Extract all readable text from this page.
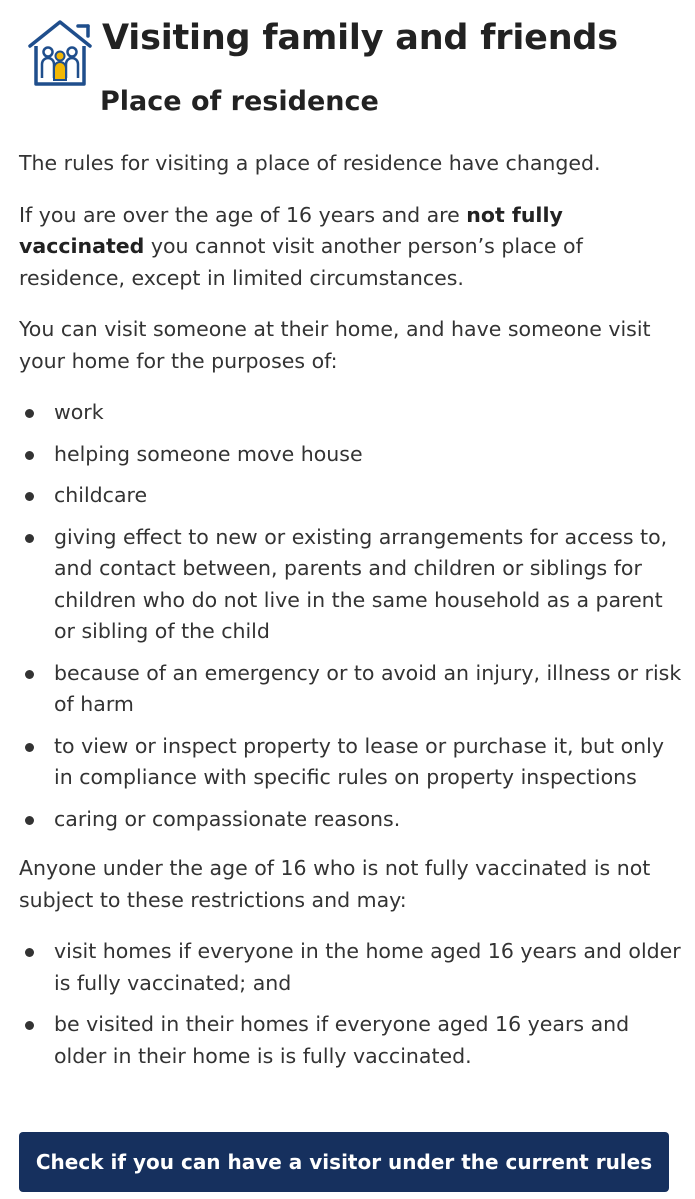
Visiting family and friends
Place of residence

The rules for visiting a place of residence have changed.

If you are over the age of 16 years and are not fully vaccinated you cannot visit another person’s place of residence, except in limited circumstances.

You can visit someone at their home, and have someone visit your home for the purposes of:

work
helping someone move house
childcare
giving effect to new or existing arrangements for access to, and contact between, parents and children or siblings for children who do not live in the same household as a parent or sibling of the child
because of an emergency or to avoid an injury, illness or risk of harm
to view or inspect property to lease or purchase it, but only in compliance with specific rules on property inspections
caring or compassionate reasons.

Anyone under the age of 16 who is not fully vaccinated is not subject to these restrictions and may:

visit homes if everyone in the home aged 16 years and older is fully vaccinated; and
be visited in their homes if everyone aged 16 years and older in their home is is fully vaccinated.
Check if you can have a visitor under the current rules
